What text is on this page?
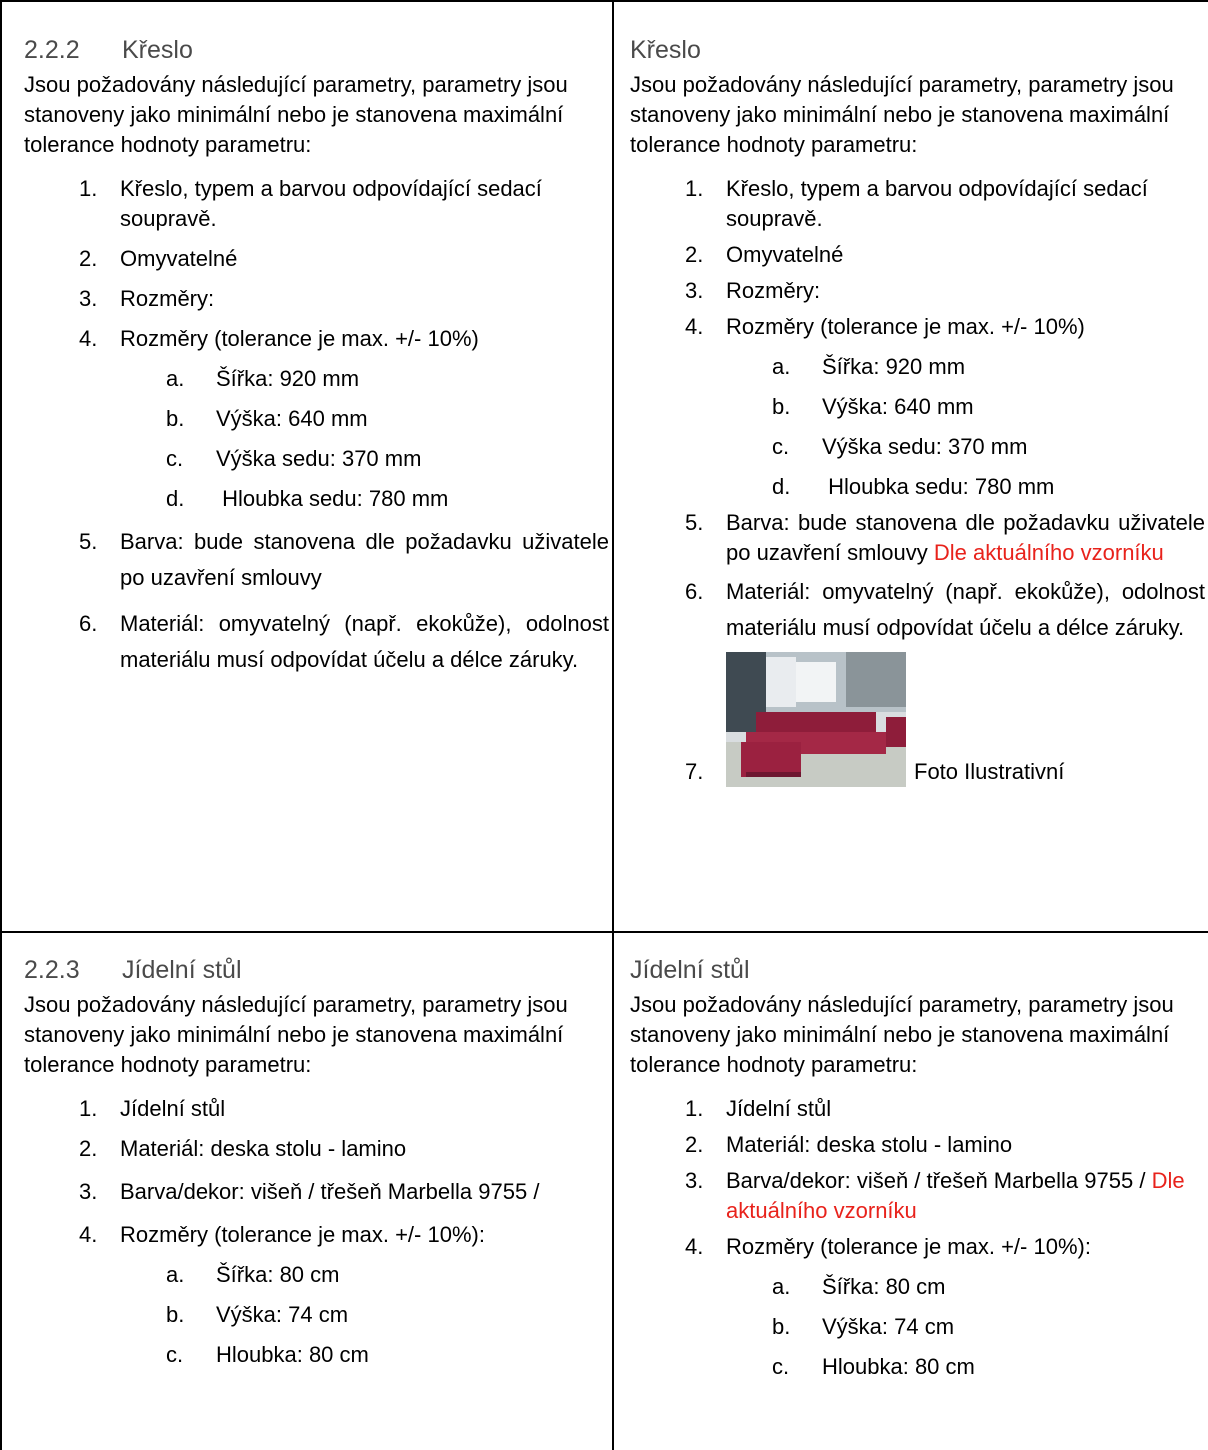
2.2.2 Křeslo

Jsou požadovány následující parametry, parametry jsou stanoveny jako minimální nebo je stanovena maximální tolerance hodnoty parametru:

1. Křeslo, typem a barvou odpovídající sedací soupravě.
2. Omyvatelné
3. Rozměry:
4. Rozměry (tolerance je max. +/- 10%)
a. Šířka: 920 mm
b. Výška: 640 mm
c. Výška sedu: 370 mm
d. Hloubka sedu: 780 mm
5. Barva: bude stanovena dle požadavku uživatele po uzavření smlouvy
6. Materiál: omyvatelný (např. ekokůže), odolnost materiálu musí odpovídat účelu a délce záruky.
Křeslo

Jsou požadovány následující parametry, parametry jsou stanoveny jako minimální nebo je stanovena maximální tolerance hodnoty parametru:

1. Křeslo, typem a barvou odpovídající sedací soupravě.
2. Omyvatelné
3. Rozměry:
4. Rozměry (tolerance je max. +/- 10%)
a. Šířka: 920 mm
b. Výška: 640 mm
c. Výška sedu: 370 mm
d. Hloubka sedu: 780 mm
5. Barva: bude stanovena dle požadavku uživatele po uzavření smlouvy Dle aktuálního vzorníku
6. Materiál: omyvatelný (např. ekokůže), odolnost materiálu musí odpovídat účelu a délce záruky.
7.	Foto Ilustrativní
2.2.3 Jídelní stůl

Jsou požadovány následující parametry, parametry jsou stanoveny jako minimální nebo je stanovena maximální tolerance hodnoty parametru:

1. Jídelní stůl
2. Materiál: deska stolu - lamino
3. Barva/dekor: višeň / třešeň Marbella 9755 /
4. Rozměry (tolerance je max. +/- 10%):
a. Šířka: 80 cm
b. Výška: 74 cm
c. Hloubka: 80 cm
Jídelní stůl

Jsou požadovány následující parametry, parametry jsou stanoveny jako minimální nebo je stanovena maximální tolerance hodnoty parametru:

1. Jídelní stůl
2. Materiál: deska stolu - lamino
3. Barva/dekor: višeň / třešeň Marbella 9755 / Dle aktuálního vzorníku
4. Rozměry (tolerance je max. +/- 10%):
a. Šířka: 80 cm
b. Výška: 74 cm
c. Hloubka: 80 cm
